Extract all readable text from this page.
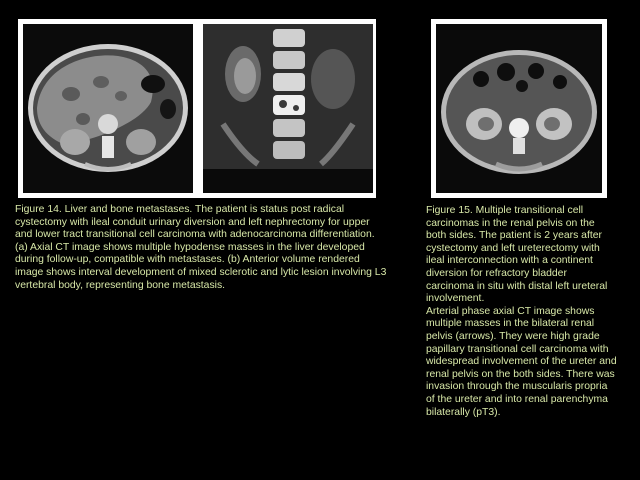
Figure 14. Liver and bone metastases. The patient is status post radical
cystectomy with ileal conduit urinary diversion and left nephrectomy for upper
and lower tract transitional cell carcinoma with adenocarcinoma differentiation.
(a) Axial CT image shows multiple hypodense masses in the liver developed
during follow-up, compatible with metastases. (b) Anterior volume rendered
image shows interval development of mixed sclerotic and lytic lesion involving L3
vertebral body, representing bone metastasis.

Figure 15. Multiple transitional cell
carcinomas in the renal pelvis on the
both sides. The patient is 2 years after
cystectomy and left ureterectomy with
ileal interconnection with a continent
diversion for refractory bladder
carcinoma in situ with distal left ureteral
involvement.
Arterial phase axial CT image shows
multiple masses in the bilateral renal
pelvis (arrows). They were high grade
papillary transitional cell carcinoma with
widespread involvement of the ureter and
renal pelvis on the both sides. There was
invasion through the muscularis propria
of the ureter and into renal parenchyma
bilaterally (pT3).
